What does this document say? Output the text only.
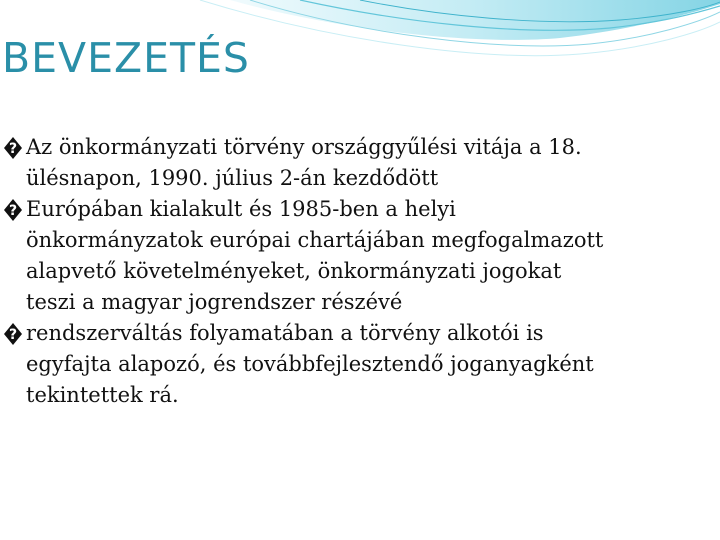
BEVEZETÉS
? Az önkormányzati törvény országgyűlési vitája a 18.
ülésnapon, 1990. július 2-án kezdődött
? Európában kialakult és 1985-ben a helyi
önkormányzatok európai chartájában megfogalmazott
alapvető követelményeket, önkormányzati jogokat
teszi a magyar jogrendszer részévé
? rendszerváltás folyamatában a törvény alkotói is
egyfajta alapozó, és továbbfejlesztendő joganyagként
tekintettek rá.
